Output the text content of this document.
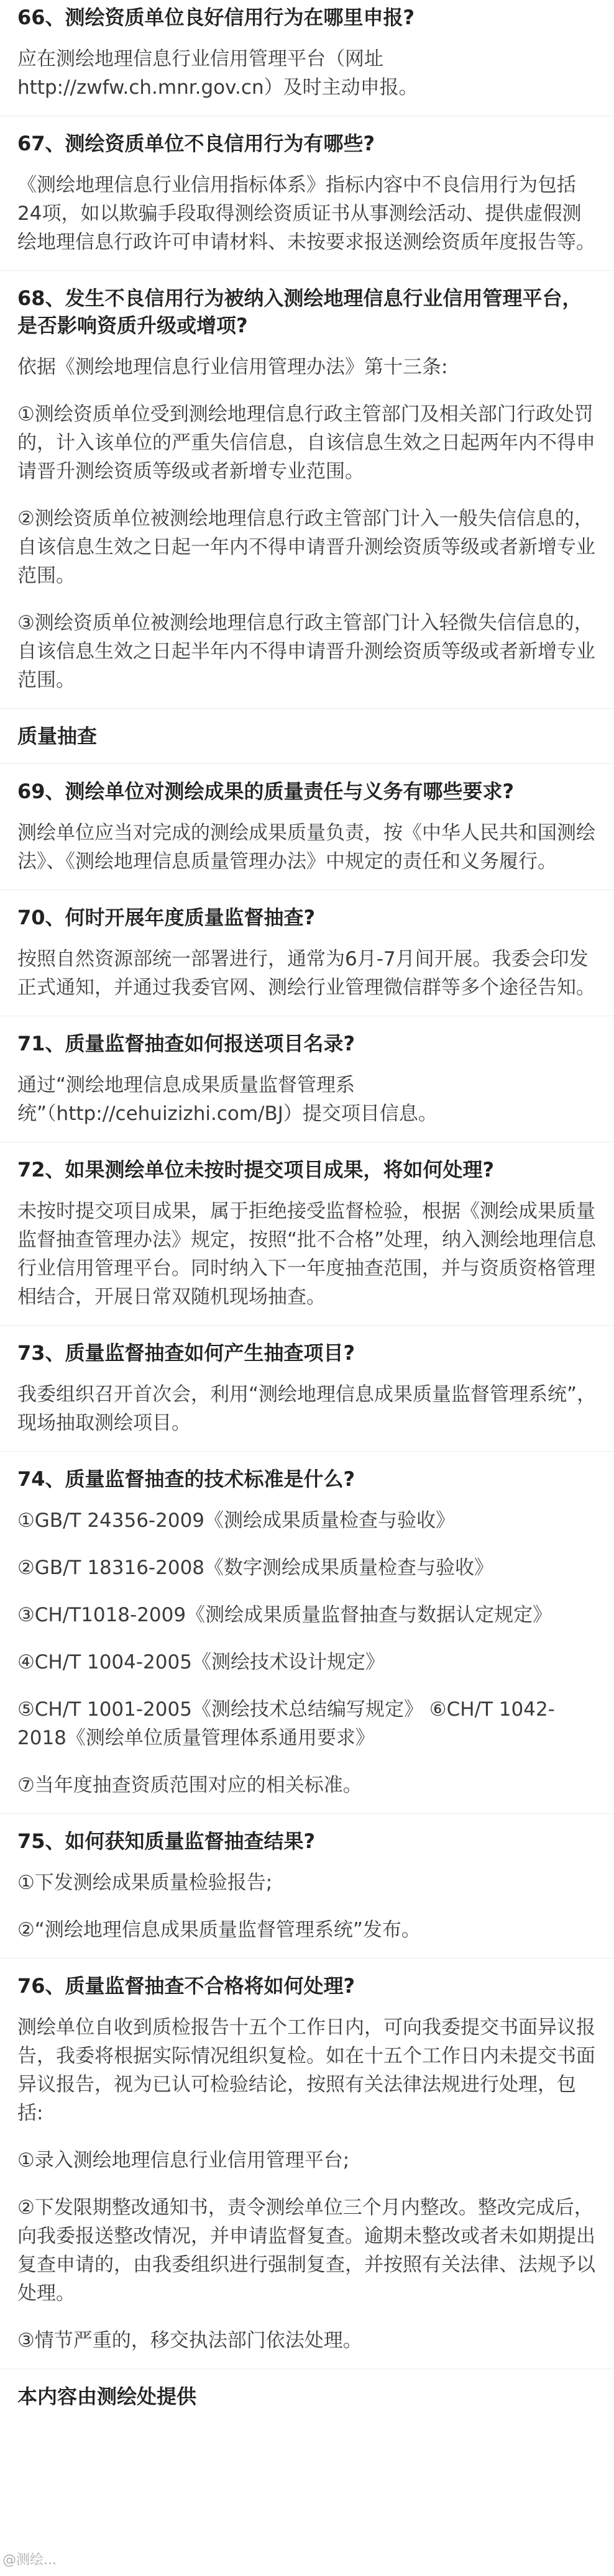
66、测绘资质单位良好信用行为在哪里申报?

应在测绘地理信息行业信用管理平台（网址http://zwfw.ch.mnr.gov.cn）及时主动申报。

67、测绘资质单位不良信用行为有哪些?

《测绘地理信息行业信用指标体系》指标内容中不良信用行为包括24项，如以欺骗手段取得测绘资质证书从事测绘活动、提供虚假测绘地理信息行政许可申请材料、未按要求报送测绘资质年度报告等。

68、发生不良信用行为被纳入测绘地理信息行业信用管理平台，是否影响资质升级或增项?

依据《测绘地理信息行业信用管理办法》第十三条:

①测绘资质单位受到测绘地理信息行政主管部门及相关部门行政处罚的，计入该单位的严重失信信息，自该信息生效之日起两年内不得申请晋升测绘资质等级或者新增专业范围。

②测绘资质单位被测绘地理信息行政主管部门计入一般失信信息的，自该信息生效之日起一年内不得申请晋升测绘资质等级或者新增专业范围。

③测绘资质单位被测绘地理信息行政主管部门计入轻微失信信息的，自该信息生效之日起半年内不得申请晋升测绘资质等级或者新增专业范围。

质量抽查

69、测绘单位对测绘成果的质量责任与义务有哪些要求?

测绘单位应当对完成的测绘成果质量负责，按《中华人民共和国测绘法》、《测绘地理信息质量管理办法》中规定的责任和义务履行。

70、何时开展年度质量监督抽查?

按照自然资源部统一部署进行，通常为6月-7月间开展。我委会印发正式通知，并通过我委官网、测绘行业管理微信群等多个途径告知。

71、质量监督抽查如何报送项目名录?

通过“测绘地理信息成果质量监督管理系统”（http://cehuizizhi.com/BJ）提交项目信息。

72、如果测绘单位未按时提交项目成果，将如何处理?

未按时提交项目成果，属于拒绝接受监督检验，根据《测绘成果质量监督抽查管理办法》规定，按照“批不合格”处理，纳入测绘地理信息行业信用管理平台。同时纳入下一年度抽查范围，并与资质资格管理相结合，开展日常双随机现场抽查。

73、质量监督抽查如何产生抽查项目?

我委组织召开首次会，利用“测绘地理信息成果质量监督管理系统”，现场抽取测绘项目。

74、质量监督抽查的技术标准是什么?

①GB/T 24356-2009《测绘成果质量检查与验收》

②GB/T 18316-2008《数字测绘成果质量检查与验收》

③CH/T1018-2009《测绘成果质量监督抽查与数据认定规定》

④CH/T 1004-2005《测绘技术设计规定》

⑤CH/T 1001-2005《测绘技术总结编写规定》 ⑥CH/T 1042-2018《测绘单位质量管理体系通用要求》

⑦当年度抽查资质范围对应的相关标准。

75、如何获知质量监督抽查结果?

①下发测绘成果质量检验报告;

②“测绘地理信息成果质量监督管理系统”发布。

76、质量监督抽查不合格将如何处理?

测绘单位自收到质检报告十五个工作日内，可向我委提交书面异议报告，我委将根据实际情况组织复检。如在十五个工作日内未提交书面异议报告，视为已认可检验结论，按照有关法律法规进行处理，包括:

①录入测绘地理信息行业信用管理平台;

②下发限期整改通知书，责令测绘单位三个月内整改。整改完成后，向我委报送整改情况，并申请监督复查。逾期未整改或者未如期提出复查申请的，由我委组织进行强制复查，并按照有关法律、法规予以处理。

③情节严重的，移交执法部门依法处理。

本内容由测绘处提供

@测绘...
